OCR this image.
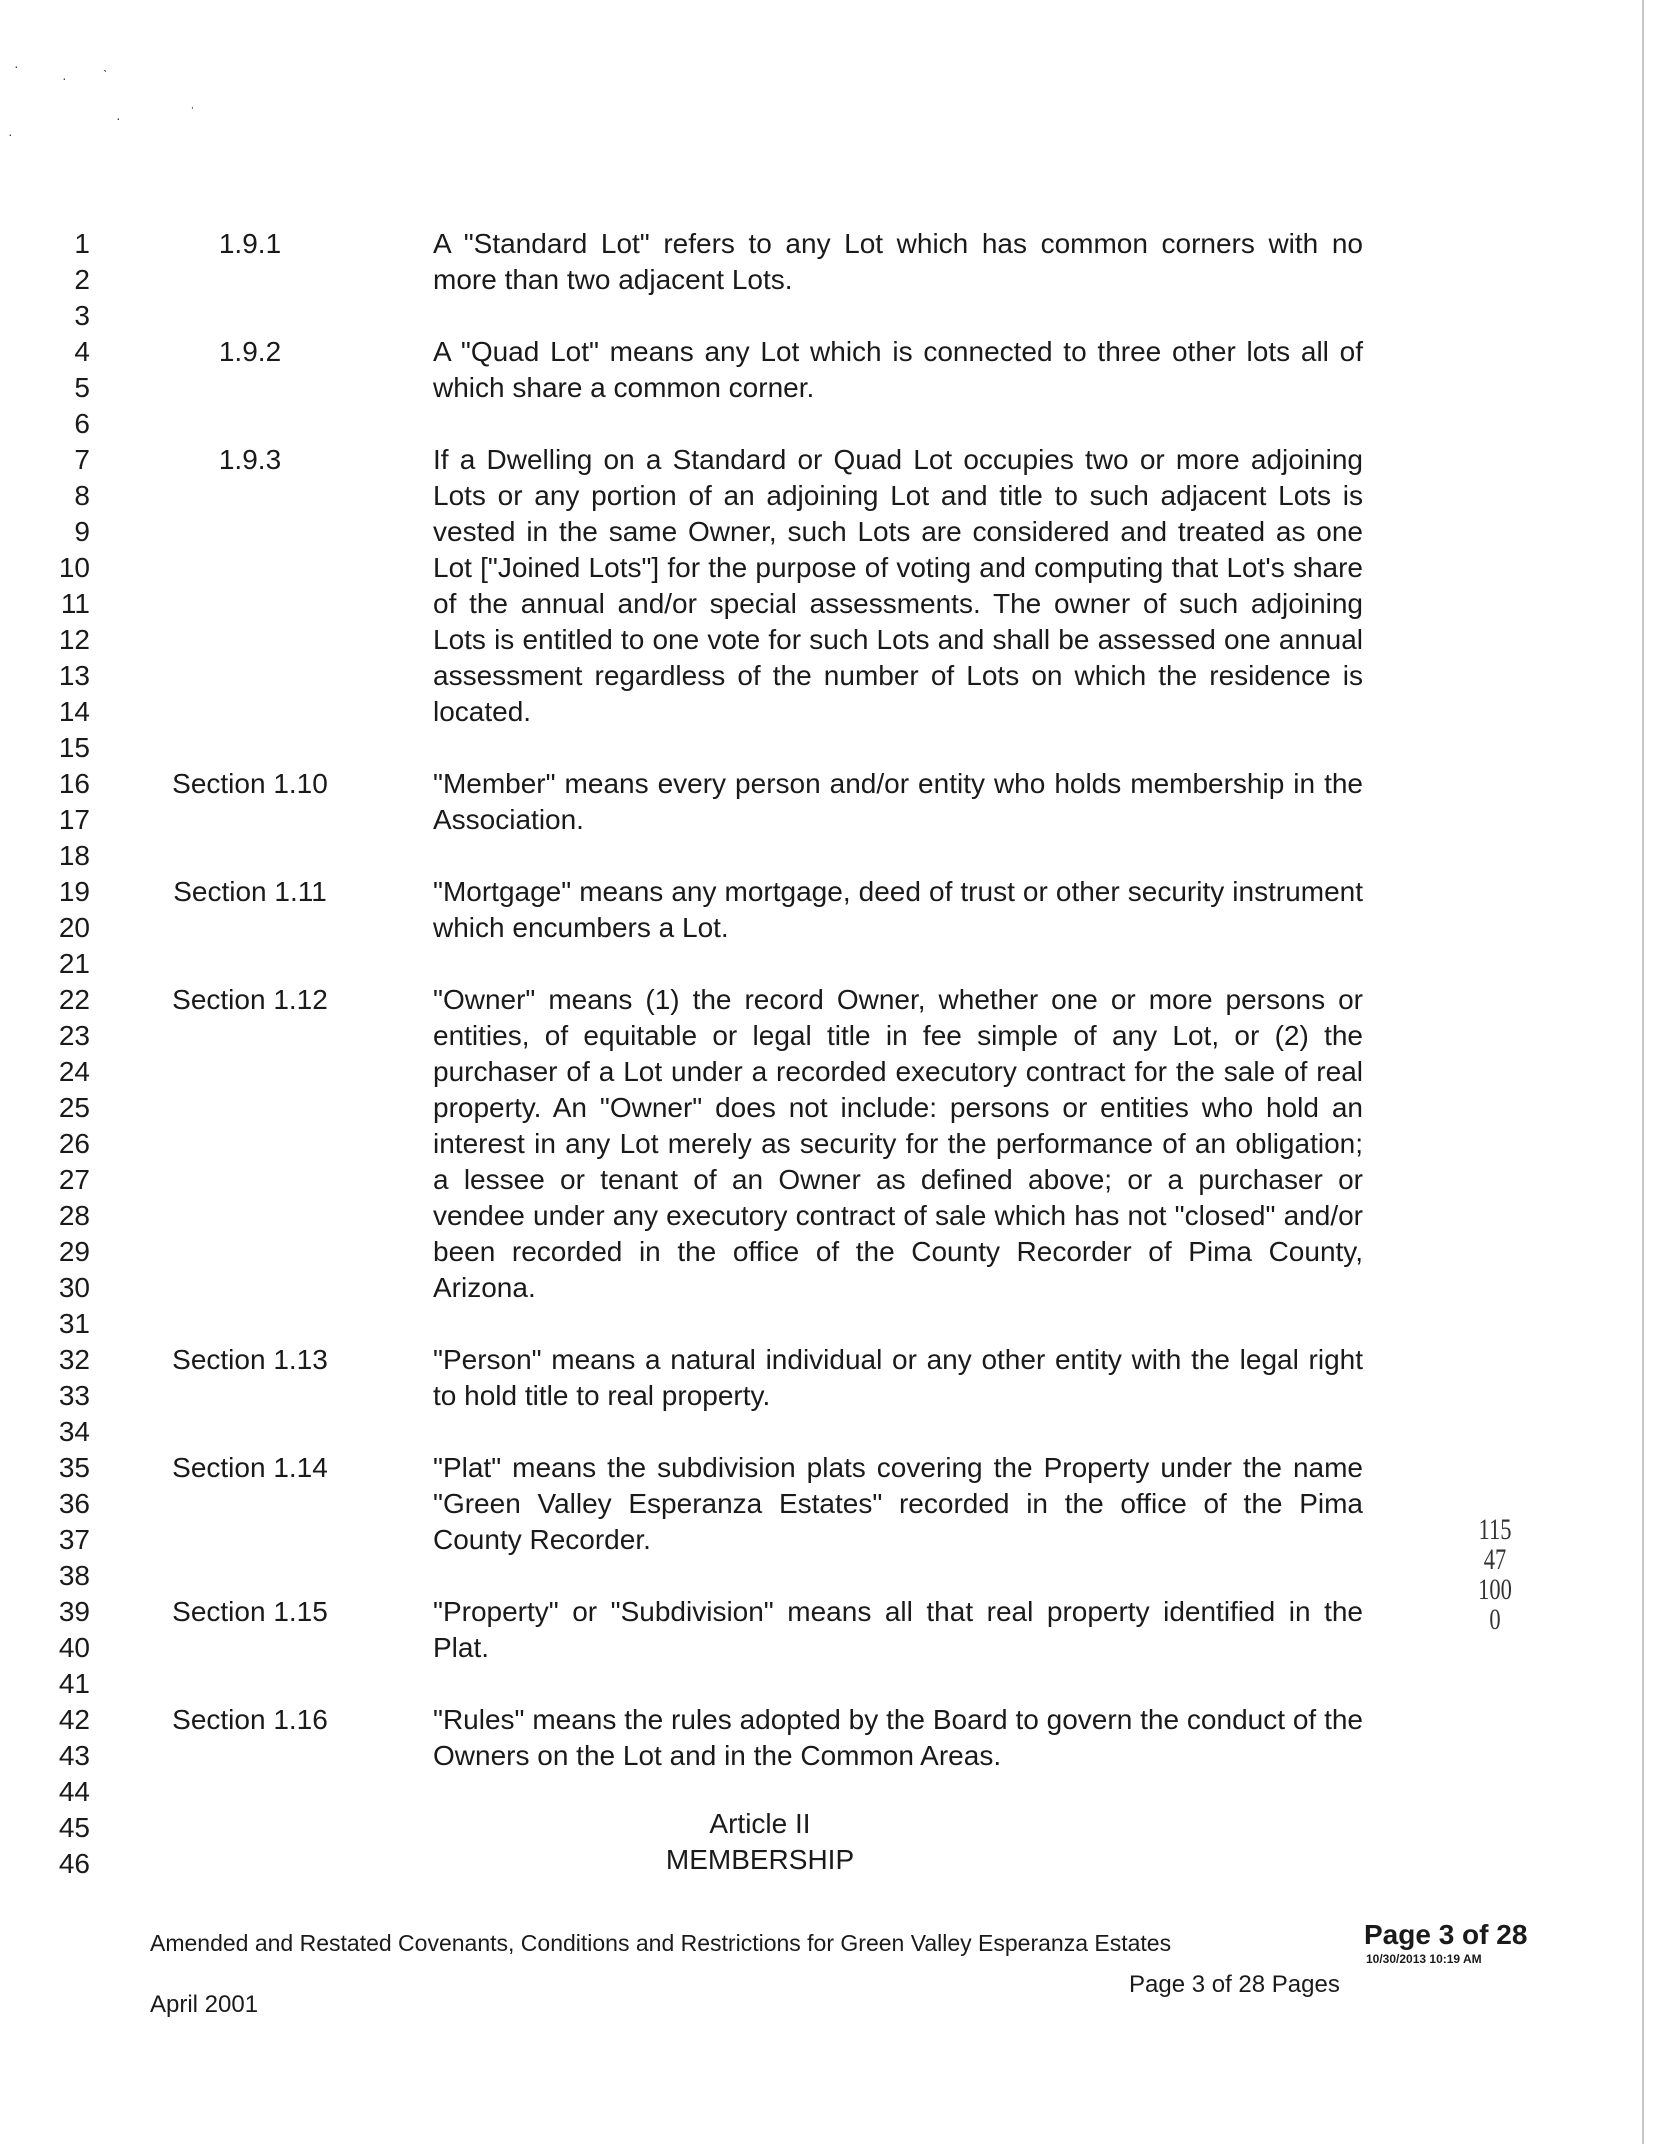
·
·
ˎ
·	ˈ
·
1
2
3
4
5
6
7
8
9
10
11
12
13
14
15
16
17
18
19
20
21
22
23
24
25
26
27
28
29
30
31
32
33
34
35
36
37
38
39
40
41
42
43
44
45
46
1.9.1	A "Standard Lot" refers to any Lot which has common corners with no more than two adjacent Lots.
1.9.2	A "Quad Lot" means any Lot which is connected to three other lots all of which share a common corner.
1.9.3	If a Dwelling on a Standard or Quad Lot occupies two or more adjoining Lots or any portion of an adjoining Lot and title to such adjacent Lots is vested in the same Owner, such Lots are considered and treated as one Lot ["Joined Lots"] for the purpose of voting and computing that Lot's share of the annual and/or special assessments. The owner of such adjoining Lots is entitled to one vote for such Lots and shall be assessed one annual assessment regardless of the number of Lots on which the residence is located.
Section 1.10	"Member" means every person and/or entity who holds membership in the Association.
Section 1.11	"Mortgage" means any mortgage, deed of trust or other security instrument which encumbers a Lot.
Section 1.12	"Owner" means (1) the record Owner, whether one or more persons or entities, of equitable or legal title in fee simple of any Lot, or (2) the purchaser of a Lot under a recorded executory contract for the sale of real property. An "Owner" does not include: persons or entities who hold an interest in any Lot merely as security for the performance of an obligation; a lessee or tenant of an Owner as defined above; or a purchaser or vendee under any executory contract of sale which has not "closed" and/or been recorded in the office of the County Recorder of Pima County, Arizona.
Section 1.13	"Person" means a natural individual or any other entity with the legal right to hold title to real property.
Section 1.14	"Plat" means the subdivision plats covering the Property under the name "Green Valley Esperanza Estates" recorded in the office of the Pima County Recorder.
Section 1.15	"Property" or "Subdivision" means all that real property identified in the Plat.
Section 1.16	"Rules" means the rules adopted by the Board to govern the conduct of the Owners on the Lot and in the Common Areas.
Article II
MEMBERSHIP
11547 1000
Amended and Restated Covenants, Conditions and Restrictions for Green Valley Esperanza Estates	Page 3 of 28
10/30/2013 10:19 AM
Page 3 of 28 Pages
April 2001
